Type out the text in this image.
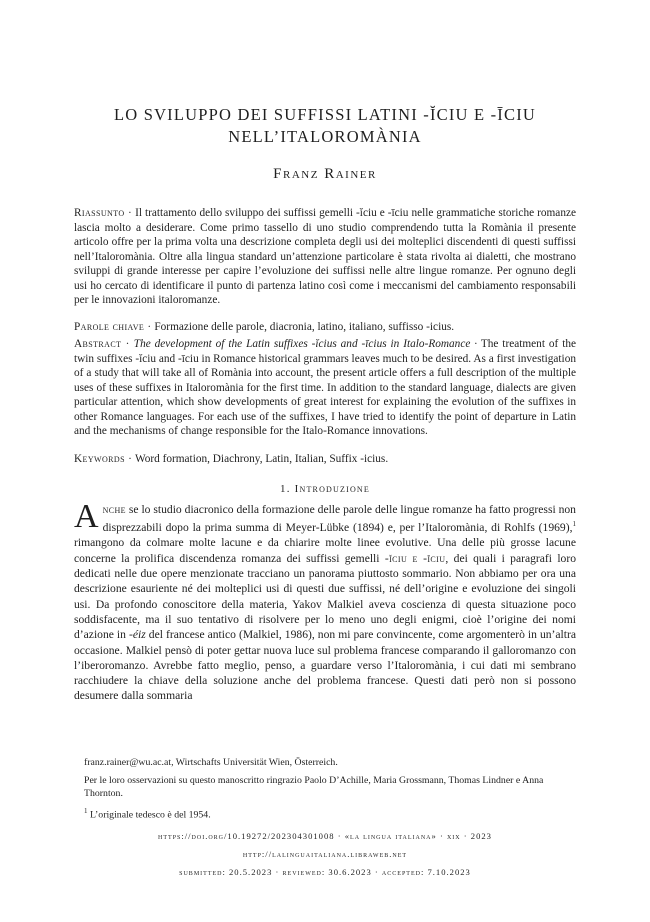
LO SVILUPPO DEI SUFFISSI LATINI -ĬCIU E -ĪCIU
NELL’ITALOROMÀNIA
Franz Rainer
Riassunto · Il trattamento dello sviluppo dei suffissi gemelli -ĭciu e -īciu nelle grammatiche storiche romanze lascia molto a desiderare. Come primo tassello di uno studio comprendendo tutta la Romània il presente articolo offre per la prima volta una descrizione completa degli usi dei molteplici discendenti di questi suffissi nell’Italoromània. Oltre alla lingua standard un’attenzione particolare è stata rivolta ai dialetti, che mostrano sviluppi di grande interesse per capire l’evoluzione dei suffissi nelle altre lingue romanze. Per ognuno degli usi ho cercato di identificare il punto di partenza latino così come i meccanismi del cambiamento responsabili per le innovazioni italoromanze.
Parole chiave · Formazione delle parole, diacronia, latino, italiano, suffisso -icius.
Abstract · The development of the Latin suffixes -ĭcius and -īcius in Italo-Romance · The treatment of the twin suffixes -ĭciu and -īciu in Romance historical grammars leaves much to be desired. As a first investigation of a study that will take all of Romània into account, the present article offers a full description of the multiple uses of these suffixes in Italoromània for the first time. In addition to the standard language, dialects are given particular attention, which show developments of great interest for explaining the evolution of the suffixes in other Romance languages. For each use of the suffixes, I have tried to identify the point of departure in Latin and the mechanisms of change responsible for the Italo-Romance innovations.
Keywords · Word formation, Diachrony, Latin, Italian, Suffix -icius.
1. Introduzione
Anche se lo studio diacronico della formazione delle parole delle lingue romanze ha fatto progressi non disprezzabili dopo la prima summa di Meyer-Lübke (1894) e, per l’Italoromània, di Rohlfs (1969),$^1$ rimangono da colmare molte lacune e da chiarire molte linee evolutive. Una delle più grosse lacune concerne la prolifica discendenza romanza dei suffissi gemelli -ĭciu e -īciu, dei quali i paragrafi loro dedicati nelle due opere menzionate tracciano un panorama piuttosto sommario. Non abbiamo per ora una descrizione esauriente né dei molteplici usi di questi due suffissi, né dell’origine e evoluzione dei singoli usi. Da profondo conoscitore della materia, Yakov Malkiel aveva coscienza di questa situazione poco soddisfacente, ma il suo tentativo di risolvere per lo meno uno degli enigmi, cioè l’origine dei nomi d’azione in -éiz del francese antico (Malkiel, 1986), non mi pare convincente, come argomenterò in un’altra occasione. Malkiel pensò di poter gettar nuova luce sul problema francese comparando il galloromanzo con l’iberoromanzo. Avrebbe fatto meglio, penso, a guardare verso l’Italoromània, i cui dati mi sembrano racchiudere la chiave della soluzione anche del problema francese. Questi dati però non si possono desumere dalla sommaria

franz.rainer@wu.ac.at, Wirtschafts Universität Wien, Österreich.

Per le loro osservazioni su questo manoscritto ringrazio Paolo D’Achille, Maria Grossmann, Thomas Lindner e Anna Thornton.

$^1$ L’originale tedesco è del 1954.

https://doi.org/10.19272/202304301008 · «la lingua italiana» · xix · 2023
http://lalinguaitaliana.libraweb.net
submitted: 20.5.2023 · reviewed: 30.6.2023 · accepted: 7.10.2023
